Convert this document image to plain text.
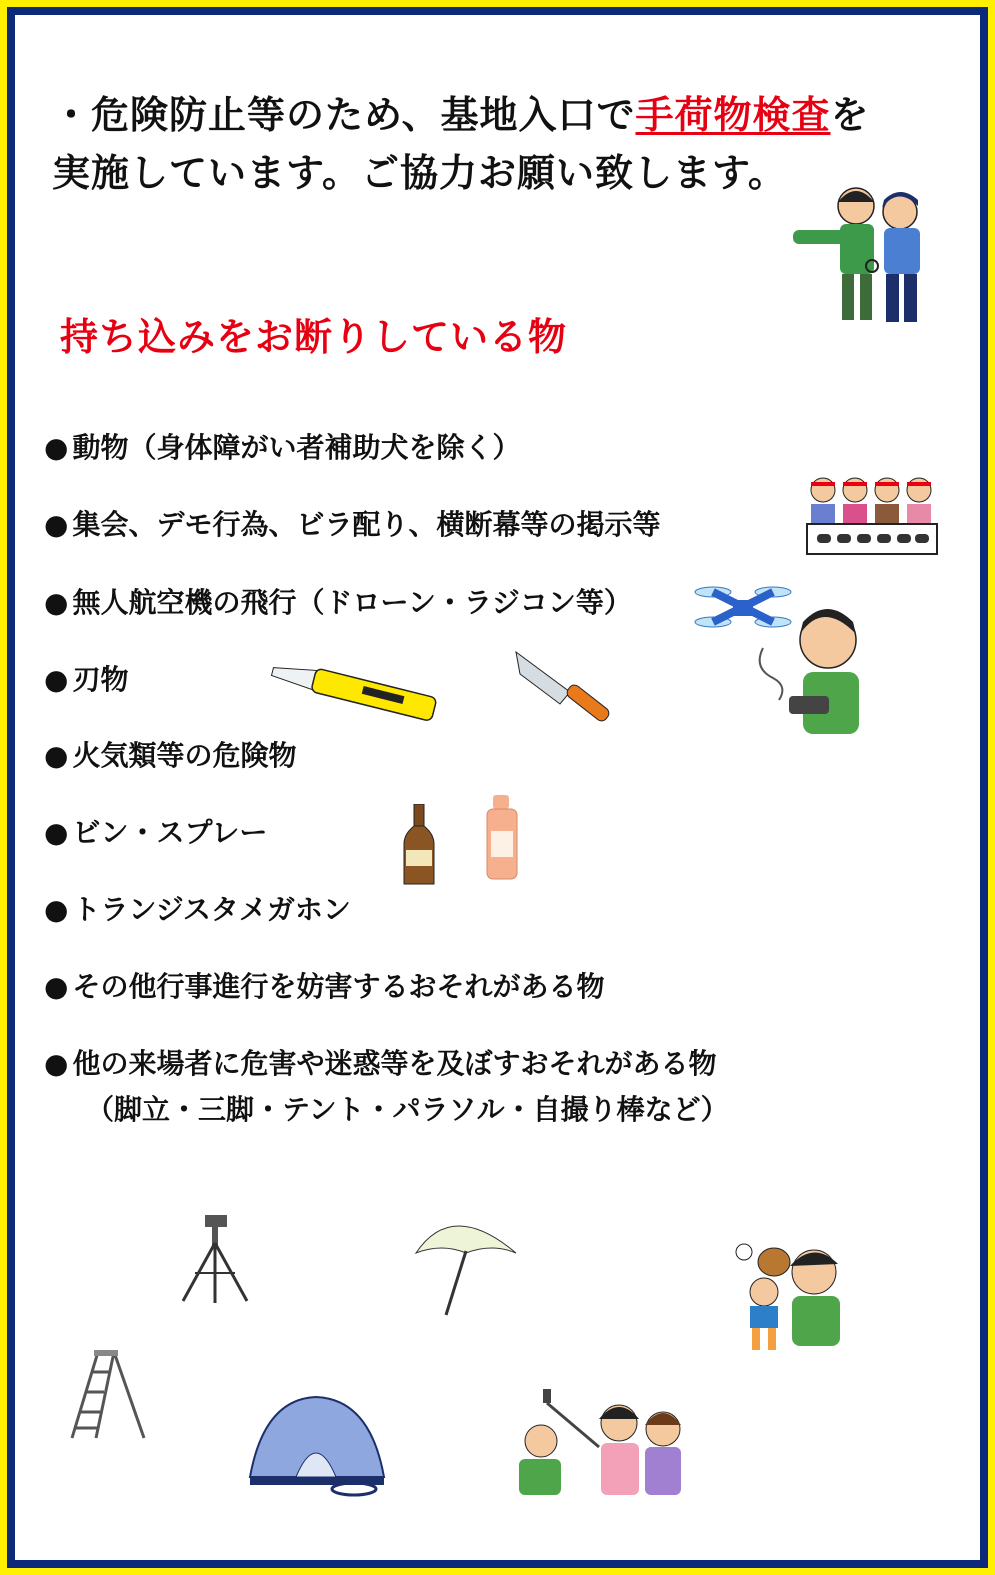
・危険防止等のため、基地入口で手荷物検査を
実施しています。ご協力お願い致します。
持ち込みをお断りしている物
● 動物（身体障がい者補助犬を除く）
● 集会、デモ行為、ビラ配り、横断幕等の掲示等
● 無人航空機の飛行（ドローン・ラジコン等）
● 刃物
● 火気類等の危険物
● ビン・スプレー
● トランジスタメガホン
● その他行事進行を妨害するおそれがある物
● 他の来場者に危害や迷惑等を及ぼすおそれがある物
（脚立・三脚・テント・パラソル・自撮り棒など）
